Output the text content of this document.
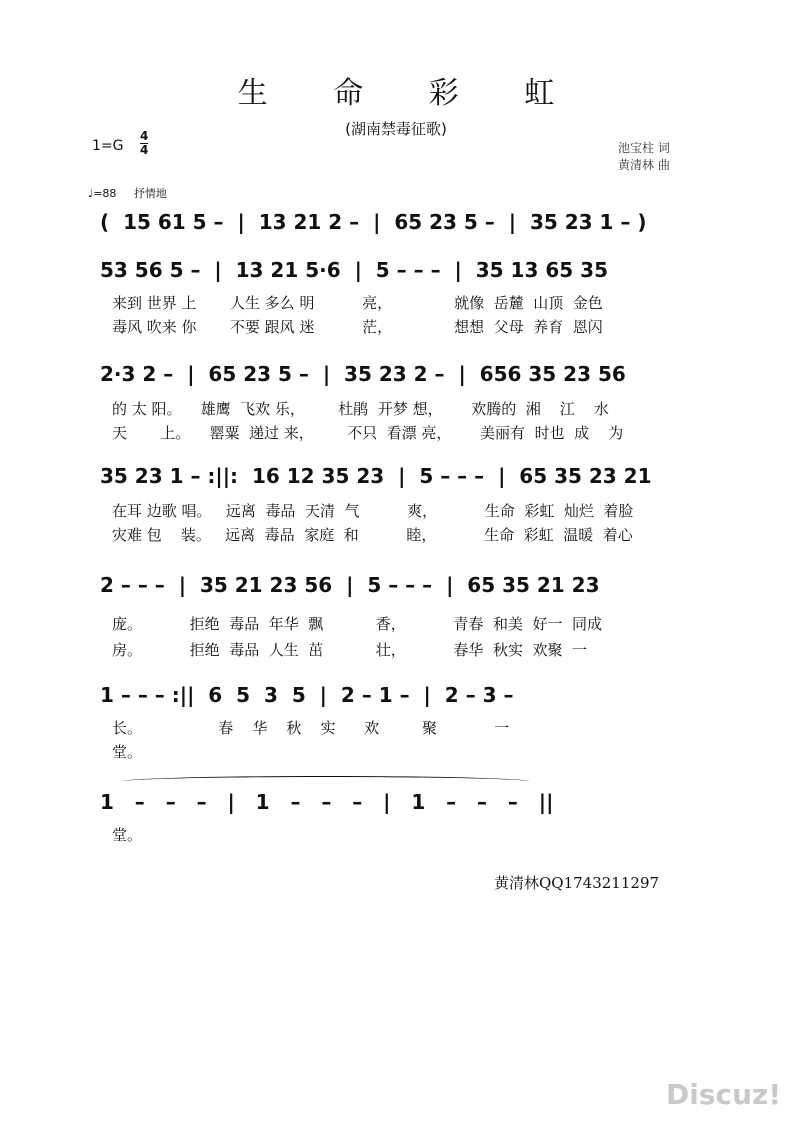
生 命 彩 虹
(湖南禁毒征歌)
1=G
4
4	池宝柱 词
黄清林 曲
♩=88 抒情地
(  15 61 5 –  |  13 21 2 –  |  65 23 5 –  |  35 23 1 – )
53 56 5 –  |  13 21 5·6  |  5 – – –  |  35 13 65 35
来到 世界 上       人生 多么 明          亮，             就像  岳麓  山顶  金色
毒风 吹来 你       不要 跟风 迷          茫，             想想  父母  养育  恩闪
2·3 2 –  |  65 23 5 –  |  35 23 2 –  |  656 35 23 56
的 太 阳。    雄鹰  飞欢 乐，       杜鹃  开梦 想，      欢腾的  湘    江    水
天       上。    罂粟  递过 来，       不只  看漂 亮，      美丽有  时也  成    为
35 23 1 – :||:  16 12 35 23  |  5 – – –  |  65 35 23 21
在耳 边歌 唱。   远离  毒品  天清  气          爽，          生命  彩虹  灿烂  着脸
灾难 包    装。   远离  毒品  家庭  和          睦，          生命  彩虹  温暖  着心
2 – – –  |  35 21 23 56  |  5 – – –  |  65 35 21 23
庞。          拒绝  毒品  年华  飘           香，          青春  和美  好一  同成
房。          拒绝  毒品  人生  茁           壮，          春华  秋实  欢聚  一
1 – – – :||  6  5  3  5  |  2 – 1 –  |  2 – 3 –
长。                春    华    秋    实      欢         聚            一
堂。
1   –   –   –   |   1   –   –   –   |   1   –   –   –   ||
堂。
黄清林QQ1743211297
Discuz!
